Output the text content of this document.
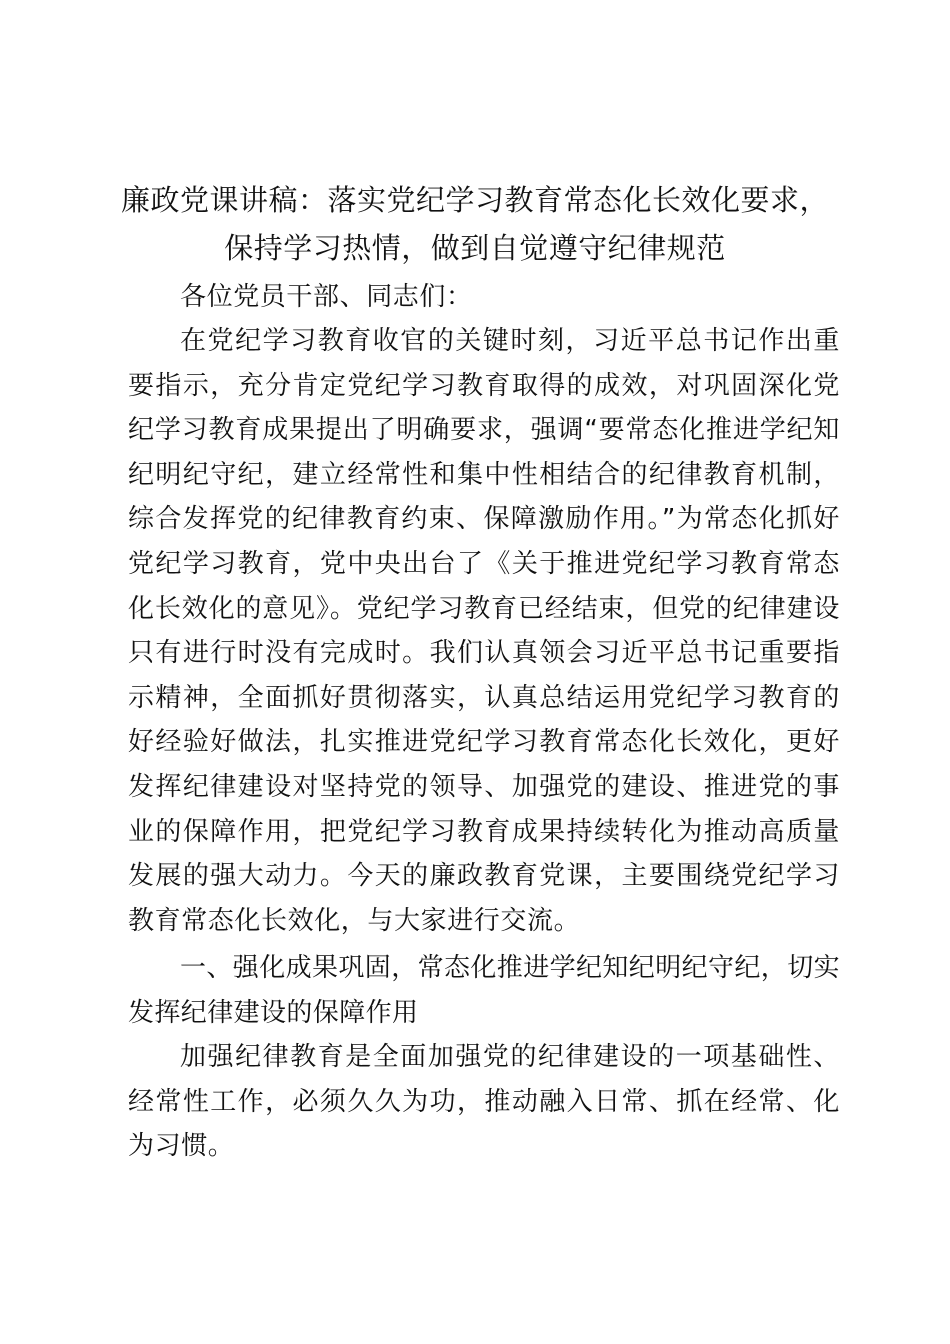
廉政党课讲稿：落实党纪学习教育常态化长效化要求，
保持学习热情，做到自觉遵守纪律规范

各位党员干部、同志们：

在党纪学习教育收官的关键时刻，习近平总书记作出重要指示，充分肯定党纪学习教育取得的成效，对巩固深化党纪学习教育成果提出了明确要求，强调“要常态化推进学纪知纪明纪守纪，建立经常性和集中性相结合的纪律教育机制，综合发挥党的纪律教育约束、保障激励作用。”为常态化抓好党纪学习教育，党中央出台了《关于推进党纪学习教育常态化长效化的意见》。党纪学习教育已经结束，但党的纪律建设只有进行时没有完成时。我们认真领会习近平总书记重要指示精神，全面抓好贯彻落实，认真总结运用党纪学习教育的好经验好做法，扎实推进党纪学习教育常态化长效化，更好发挥纪律建设对坚持党的领导、加强党的建设、推进党的事业的保障作用，把党纪学习教育成果持续转化为推动高质量发展的强大动力。今天的廉政教育党课，主要围绕党纪学习教育常态化长效化，与大家进行交流。

一、强化成果巩固，常态化推进学纪知纪明纪守纪，切实发挥纪律建设的保障作用

加强纪律教育是全面加强党的纪律建设的一项基础性、经常性工作，必须久久为功，推动融入日常、抓在经常、化为习惯。
